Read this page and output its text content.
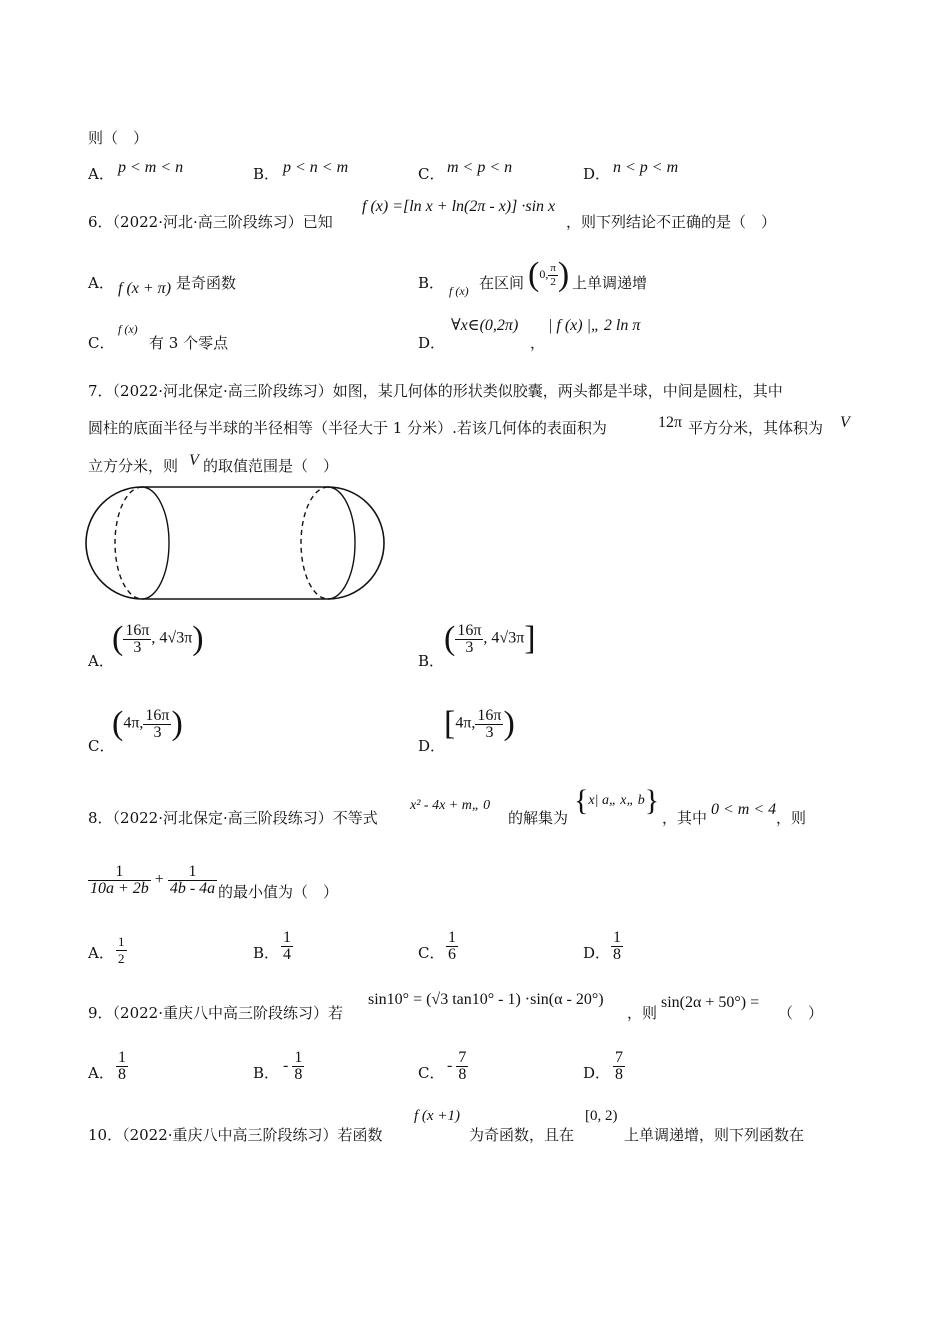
则（　）
A． p < m < n	B． p < n < m	C． m < p < n	D． n < p < m
6．（2022·河北·高三阶段练习）已知
f (x) =[ln x + ln(2π - x)] ·sin x
，则下列结论不正确的是（　）
A． f (x + π) 是奇函数	B． f (x) 在区间 (0, $\frac{\pi}{2}$ ) 上单调递增
C．
f (x)
有 3 个零点	D．
∀x∈(0,2π)
，
| f (x) |„ 2 ln π
7．（2022·河北保定·高三阶段练习）如图，某几何体的形状类似胶囊，两头都是半球，中间是圆柱，其中
圆柱的底面半径与半球的半径相等（半径大于 1 分米）.若该几何体的表面积为	12π 平方分米，其体积为 V
立方分米，则 V 的取值范围是（　）
A．
( $\frac{16\pi}{3}$ , 4√3π)
B．
( $\frac{16\pi}{3}$ , 4√3π]
C．
(4π, $\frac{16\pi}{3}$ )
D．
[4π, $\frac{16\pi}{3}$ )
8．（2022·河北保定·高三阶段练习）不等式
x² - 4x + m„ 0
的解集为
{x| a„ x„ b}
，其中 0 < m < 4 ，则
$\frac{1}{10a + 2b} + \frac{1}{4b - 4a}$ 的最小值为（　）
A． $\frac{1}{2}$	B． $\frac{1}{4}$	C． $\frac{1}{6}$	D． $\frac{1}{8}$
9．（2022·重庆八中高三阶段练习）若
sin10° = (√3 tan10° - 1) ·sin(α - 20°)
，则
sin(2α + 50°) =
（　）
A． $\frac{1}{8}$	B． - $\frac{1}{8}$	C． - $\frac{7}{8}$	D． $\frac{7}{8}$
10．（2022·重庆八中高三阶段练习）若函数
f (x +1)
为奇函数，且在
[0, 2)
上单调递增，则下列函数在
